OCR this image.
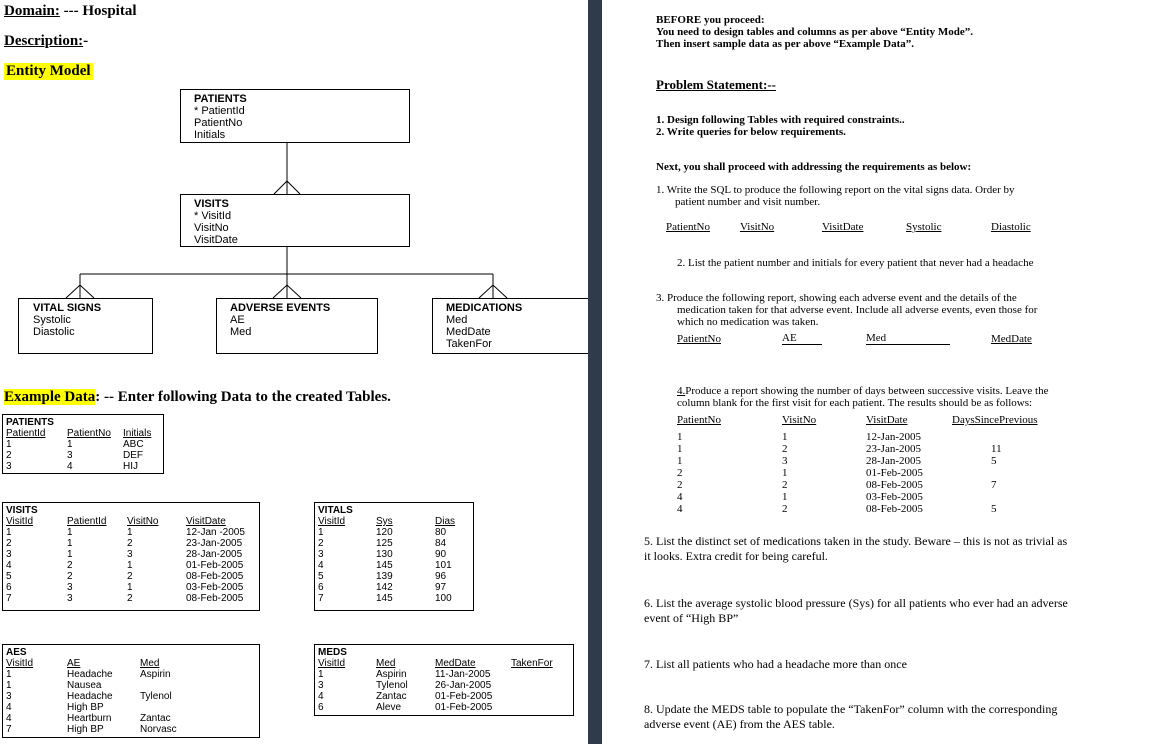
Domain: --- Hospital
Description:-
Entity Model
PATIENTS
* PatientId
PatientNo
Initials
VISITS
* VisitId
VisitNo
VisitDate
VITAL SIGNS
Systolic
Diastolic
ADVERSE EVENTS
AE
Med
MEDICATIONS
Med
MedDate
TakenFor
Example Data: -- Enter following Data to the created Tables.
PATIENTS
PatientId PatientNo Initials
1	1	ABC
2	3	DEF
3	4	HIJ
VISITS
VisitId	PatientId VisitNo	VisitDate
1	1	1	12-Jan -2005
2	1	2	23-Jan-2005
3	1	3	28-Jan-2005
4	2	1	01-Feb-2005
5	2	2	08-Feb-2005
6	3	1	03-Feb-2005
7	3	2	08-Feb-2005
VITALS
VisitId	Sys	Dias
1	120	80
2	125	84
3	130	90
4	145	101
5	139	96
6	142	97
7	145	100
AES
VisitId	AE	Med
1	Headache	Aspirin
1	Nausea
3	Headache	Tylenol
4	High BP
4	Heartburn	Zantac
7	High BP	Norvasc
MEDS
VisitId	Med	MedDate	TakenFor
1	Aspirin	11-Jan-2005
3	Tylenol	26-Jan-2005
4	Zantac	01-Feb-2005
6	Aleve	01-Feb-2005
BEFORE you proceed:
You need to design tables and columns as per above “Entity Mode”.
Then insert sample data as per above “Example Data”.
Problem Statement:--
1. Design following Tables with required constraints..
2. Write queries for below requirements.
Next, you shall proceed with addressing the requirements as below:
1. Write the SQL to produce the following report on the vital signs data. Order by
patient number and visit number.
PatientNo	VisitNo	VisitDate	Systolic	Diastolic
2. List the patient number and initials for every patient that never had a headache
3. Produce the following report, showing each adverse event and the details of the
medication taken for that adverse event. Include all adverse events, even those for
which no medication was taken.
PatientNo	AE	Med	MedDate
4.Produce a report showing the number of days between successive visits. Leave the
column blank for the first visit for each patient. The results should be as follows:
PatientNo	VisitNo	VisitDate	DaysSincePrevious
1	1	12-Jan-2005
1	2	23-Jan-2005	11
1	3	28-Jan-2005	5
2	1	01-Feb-2005
2	2	08-Feb-2005	7
4	1	03-Feb-2005
4	2	08-Feb-2005	5
5. List the distinct set of medications taken in the study. Beware – this is not as trivial as
it looks. Extra credit for being careful.
6. List the average systolic blood pressure (Sys) for all patients who ever had an adverse
event of “High BP”
7. List all patients who had a headache more than once
8. Update the MEDS table to populate the “TakenFor” column with the corresponding
adverse event (AE) from the AES table.
